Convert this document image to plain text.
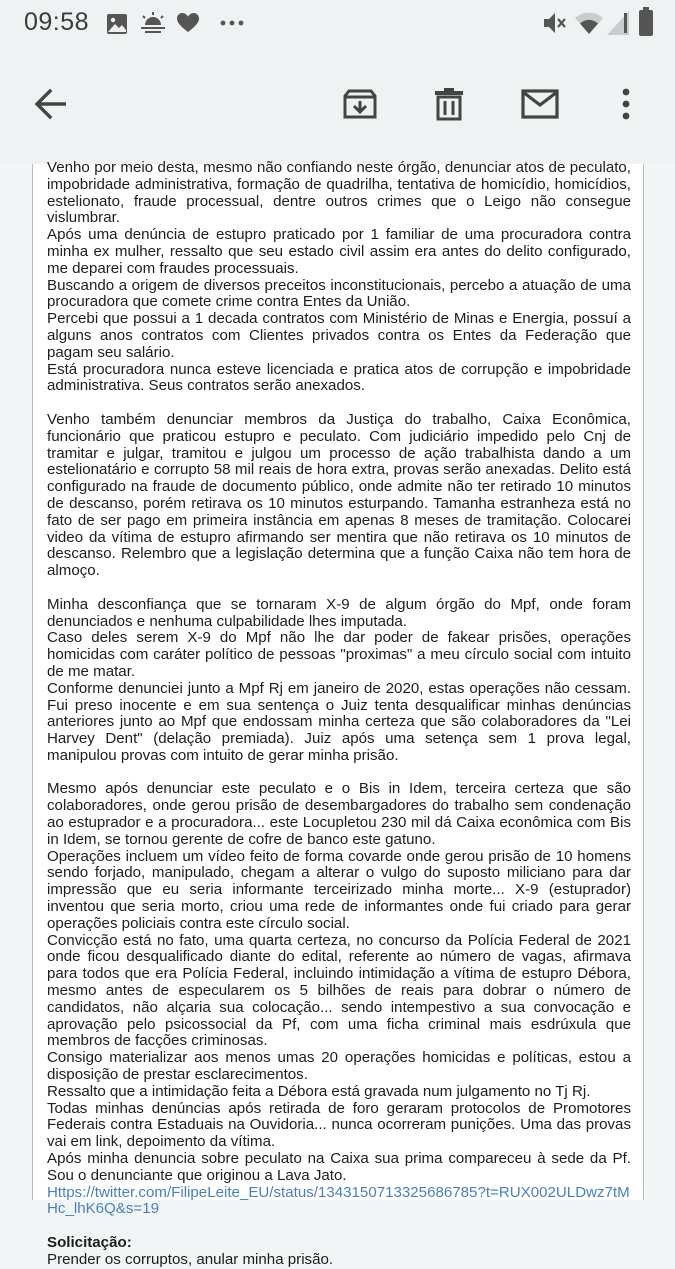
09:58

Venho por meio desta, mesmo não confiando neste órgão, denunciar atos de peculato, impobridade administrativa, formação de quadrilha, tentativa de homicídio, homicídios, estelionato, fraude processual, dentre outros crimes que o Leigo não consegue vislumbrar.

Após uma denúncia de estupro praticado por 1 familiar de uma procuradora contra minha ex mulher, ressalto que seu estado civil assim era antes do delito configurado, me deparei com fraudes processuais.

Buscando a origem de diversos preceitos inconstitucionais, percebo a atuação de uma procuradora que comete crime contra Entes da União.

Percebi que possui a 1 decada contratos com Ministério de Minas e Energia, possuí a alguns anos contratos com Clientes privados contra os Entes da Federação que pagam seu salário.

Está procuradora nunca esteve licenciada e pratica atos de corrupção e impobridade administrativa. Seus contratos serão anexados.

Venho também denunciar membros da Justiça do trabalho, Caixa Econômica, funcionário que praticou estupro e peculato. Com judiciário impedido pelo Cnj de tramitar e julgar, tramitou e julgou um processo de ação trabalhista dando a um estelionatário e corrupto 58 mil reais de hora extra, provas serão anexadas. Delito está configurado na fraude de documento público, onde admite não ter retirado 10 minutos de descanso, porém retirava os 10 minutos esturpando. Tamanha estranheza está no fato de ser pago em primeira instância em apenas 8 meses de tramitação. Colocarei video da vítima de estupro afirmando ser mentira que não retirava os 10 minutos de descanso. Relembro que a legislação determina que a função Caixa não tem hora de almoço.

Minha desconfiança que se tornaram X-9 de algum órgão do Mpf, onde foram denunciados e nenhuma culpabilidade lhes imputada.

Caso deles serem X-9 do Mpf não lhe dar poder de fakear prisões, operações homicidas com caráter político de pessoas "proximas" a meu círculo social com intuito de me matar.

Conforme denunciei junto a Mpf Rj em janeiro de 2020, estas operações não cessam. Fui preso inocente e em sua sentença o Juiz tenta desqualificar minhas denúncias anteriores junto ao Mpf que endossam minha certeza que são colaboradores da "Lei Harvey Dent" (delação premiada). Juiz após uma setença sem 1 prova legal, manipulou provas com intuito de gerar minha prisão.

Mesmo após denunciar este peculato e o Bis in Idem, terceira certeza que são colaboradores, onde gerou prisão de desembargadores do trabalho sem condenação ao estuprador e a procuradora... este Locupletou 230 mil dá Caixa econômica com Bis in Idem, se tornou gerente de cofre de banco este gatuno.

Operações incluem um vídeo feito de forma covarde onde gerou prisão de 10 homens sendo forjado, manipulado, chegam a alterar o vulgo do suposto miliciano para dar impressão que eu seria informante terceirizado minha morte... X-9 (estuprador) inventou que seria morto, criou uma rede de informantes onde fui criado para gerar operações policiais contra este círculo social.

Convicção está no fato, uma quarta certeza, no concurso da Polícia Federal de 2021 onde ficou desqualificado diante do edital, referente ao número de vagas, afirmava para todos que era Polícia Federal, incluindo intimidação a vítima de estupro Débora, mesmo antes de especularem os 5 bilhões de reais para dobrar o número de candidatos, não alçaria sua colocação... sendo intempestivo a sua convocação e aprovação pelo psicossocial da Pf, com uma ficha criminal mais esdrúxula que membros de facções criminosas.

Consigo materializar aos menos umas 20 operações homicidas e políticas, estou a disposição de prestar esclarecimentos.

Ressalto que a intimidação feita a Débora está gravada num julgamento no Tj Rj.

Todas minhas denúncias após retirada de foro geraram protocolos de Promotores Federais contra Estaduais na Ouvidoria... nunca ocorreram punições. Uma das provas vai em link, depoimento da vítima.

Após minha denuncia sobre peculato na Caixa sua prima compareceu à sede da Pf. Sou o denunciante que originou a Lava Jato.

Https://twitter.com/FilipeLeite_EU/status/1343150713325686785?t=RUX002ULDwz7tMHc_lhK6Q&s=19

Solicitação:

Prender os corruptos, anular minha prisão.
